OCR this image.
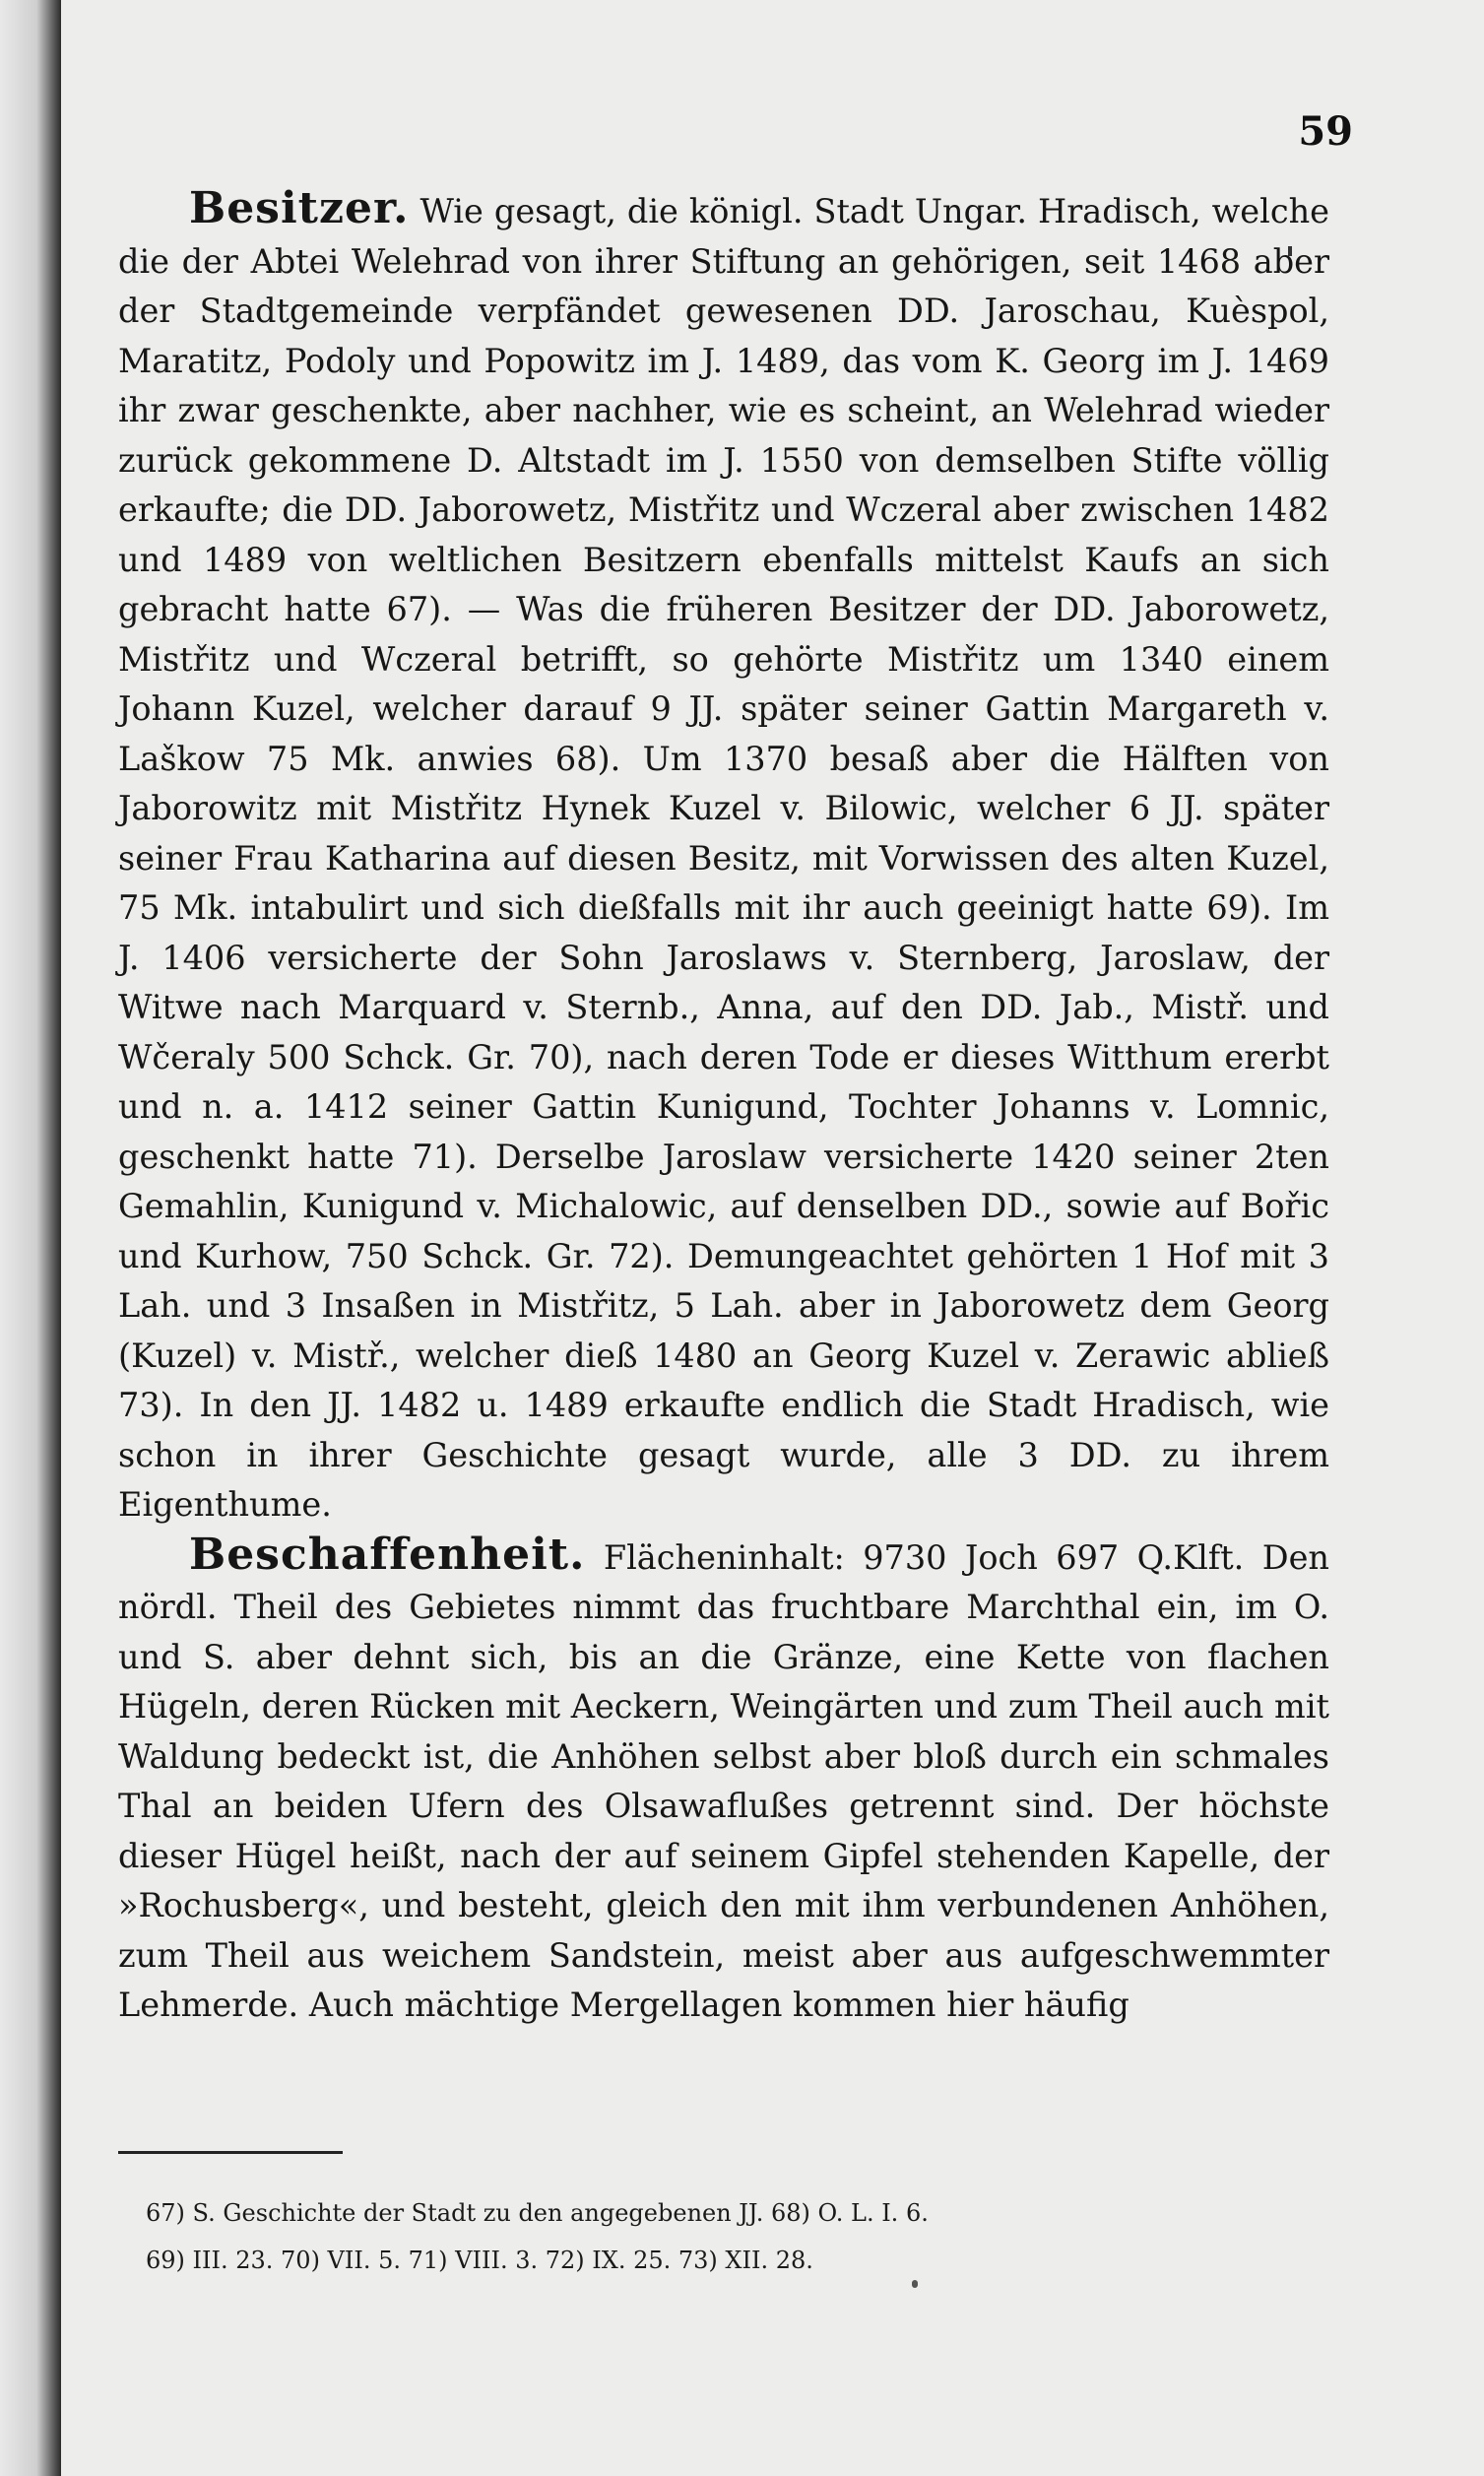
59

Besitzer. Wie gesagt, die königl. Stadt Ungar. Hradisch, welche die der Abtei Welehrad von ihrer Stiftung an gehörigen, seit 1468 aber der Stadtgemeinde verpfändet gewesenen DD. Jaroschau, Kuèspol, Maratitz, Podoly und Popowitz im J. 1489, das vom K. Georg im J. 1469 ihr zwar geschenkte, aber nachher, wie es scheint, an Welehrad wieder zurück gekommene D. Altstadt im J. 1550 von demselben Stifte völlig erkaufte; die DD. Jaborowetz, Mistřitz und Wczeral aber zwischen 1482 und 1489 von weltlichen Besitzern ebenfalls mittelst Kaufs an sich gebracht hatte 67). — Was die früheren Besitzer der DD. Jaborowetz, Mistřitz und Wczeral betrifft, so gehörte Mistřitz um 1340 einem Johann Kuzel, welcher darauf 9 JJ. später seiner Gattin Margareth v. Laškow 75 Mk. anwies 68). Um 1370 besaß aber die Hälften von Jaborowitz mit Mistřitz Hynek Kuzel v. Bilowic, welcher 6 JJ. später seiner Frau Katharina auf diesen Besitz, mit Vorwissen des alten Kuzel, 75 Mk. intabulirt und sich dießfalls mit ihr auch geeinigt hatte 69). Im J. 1406 versicherte der Sohn Jaroslaws v. Sternberg, Jaroslaw, der Witwe nach Marquard v. Sternb., Anna, auf den DD. Jab., Mistř. und Wčeraly 500 Schck. Gr. 70), nach deren Tode er dieses Witthum ererbt und n. a. 1412 seiner Gattin Kunigund, Tochter Johanns v. Lomnic, geschenkt hatte 71). Derselbe Jaroslaw versicherte 1420 seiner 2ten Gemahlin, Kunigund v. Michalowic, auf denselben DD., sowie auf Bořic und Kurhow, 750 Schck. Gr. 72). Demungeachtet gehörten 1 Hof mit 3 Lah. und 3 Insaßen in Mistřitz, 5 Lah. aber in Jaborowetz dem Georg (Kuzel) v. Mistř., welcher dieß 1480 an Georg Kuzel v. Zerawic abließ 73). In den JJ. 1482 u. 1489 erkaufte endlich die Stadt Hradisch, wie schon in ihrer Geschichte gesagt wurde, alle 3 DD. zu ihrem Eigenthume.

Beschaffenheit. Flächeninhalt: 9730 Joch 697 Q.Klft. Den nördl. Theil des Gebietes nimmt das fruchtbare Marchthal ein, im O. und S. aber dehnt sich, bis an die Gränze, eine Kette von flachen Hügeln, deren Rücken mit Aeckern, Weingärten und zum Theil auch mit Waldung bedeckt ist, die Anhöhen selbst aber bloß durch ein schmales Thal an beiden Ufern des Olsawaflußes getrennt sind. Der höchste dieser Hügel heißt, nach der auf seinem Gipfel stehenden Kapelle, der »Rochusberg«, und besteht, gleich den mit ihm verbundenen Anhöhen, zum Theil aus weichem Sandstein, meist aber aus aufgeschwemmter Lehmerde. Auch mächtige Mergellagen kommen hier häufig

67) S. Geschichte der Stadt zu den angegebenen JJ. 68) O. L. I. 6.
69) III. 23. 70) VII. 5. 71) VIII. 3. 72) IX. 25. 73) XII. 28.
